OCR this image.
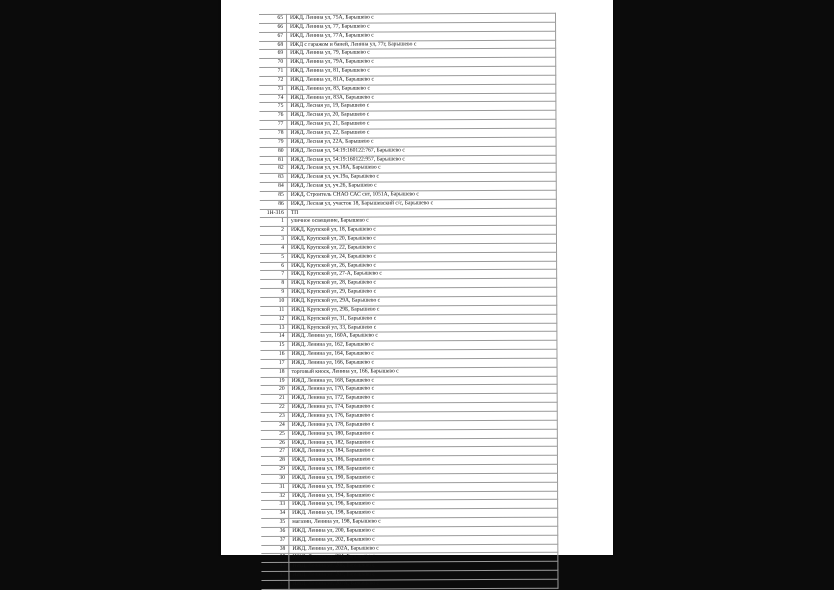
65	ИЖД, Ленина ул, 75А, Барышево с
66	ИЖД, Ленина ул, 77, Барышево с
67	ИЖД, Ленина ул, 77А, Барышево с
68	ИЖД с гаражом и баней, Ленина ул, 77г, Барышево с
69	ИЖД, Ленина ул, 79, Барышево с
70	ИЖД, Ленина ул, 79А, Барышево с
71	ИЖД, Ленина ул, 81, Барышево с
72	ИЖД, Ленина ул, 81А, Барышево с
73	ИЖД, Ленина ул, 83, Барышево с
74	ИЖД, Ленина ул, 83А, Барышево с
75	ИЖД, Лесная ул, 19, Барышево с
76	ИЖД, Лесная ул, 20, Барышево с
77	ИЖД, Лесная ул, 21, Барышево с
78	ИЖД, Лесная ул, 22, Барышево с
79	ИЖД, Лесная ул, 22А, Барышево с
80	ИЖД, Лесная ул, 54:19:160122:767, Барышево с
81	ИЖД, Лесная ул, 54:19:160122:957, Барышево с
82	ИЖД, Лесная ул, уч.18А, Барышево с
83	ИЖД, Лесная ул, уч.19а, Барышево с
84	ИЖД, Лесная ул, уч.26, Барышево с
85	ИЖД, Строитель СНАО САС снт, 1051А, Барышево с
86	ИЖД, Лесная ул, участок 18, Барышевский с/с, Барышево с
1Н-316	ТП
1	уличное освещение, Барышево с
2	ИЖД, Крупской ул, 18, Барышево с
3	ИЖД, Крупской ул, 20, Барышево с
4	ИЖД, Крупской ул, 22, Барышево с
5	ИЖД, Крупской ул, 24, Барышево с
6	ИЖД, Крупской ул, 26, Барышево с
7	ИЖД, Крупской ул, 27-А, Барышево с
8	ИЖД, Крупской ул, 28, Барышево с
9	ИЖД, Крупской ул, 29, Барышево с
10	ИЖД, Крупской ул, 29А, Барышево с
11	ИЖД, Крупской ул, 29Б, Барышево с
12	ИЖД, Крупской ул, 31, Барышево с
13	ИЖД, Крупской ул, 33, Барышево с
14	ИЖД, Ленина ул, 160А, Барышево с
15	ИЖД, Ленина ул, 162, Барышево с
16	ИЖД, Ленина ул, 164, Барышево с
17	ИЖД, Ленина ул, 166, Барышево с
18	торговый киоск, Ленина ул, 166, Барышево с
19	ИЖД, Ленина ул, 168, Барышево с
20	ИЖД, Ленина ул, 170, Барышево с
21	ИЖД, Ленина ул, 172, Барышево с
22	ИЖД, Ленина ул, 174, Барышево с
23	ИЖД, Ленина ул, 176, Барышево с
24	ИЖД, Ленина ул, 178, Барышево с
25	ИЖД, Ленина ул, 180, Барышево с
26	ИЖД, Ленина ул, 182, Барышево с
27	ИЖД, Ленина ул, 184, Барышево с
28	ИЖД, Ленина ул, 186, Барышево с
29	ИЖД, Ленина ул, 188, Барышево с
30	ИЖД, Ленина ул, 190, Барышево с
31	ИЖД, Ленина ул, 192, Барышево с
32	ИЖД, Ленина ул, 194, Барышево с
33	ИЖД, Ленина ул, 196, Барышево с
34	ИЖД, Ленина ул, 198, Барышево с
35	магазин, Ленина ул, 198, Барышево с
36	ИЖД, Ленина ул, 200, Барышево с
37	ИЖД, Ленина ул, 202, Барышево с
38	ИЖД, Ленина ул, 202А, Барышево с
39	ИЖД, Ленина ул, 204, Барышево с
40	ИЖД, Ленина ул, 206, Барышево с
41	ИЖД, Ленина ул, 207, Барышево с
42	ИЖД, Ленина ул, 207А, Барышево с
